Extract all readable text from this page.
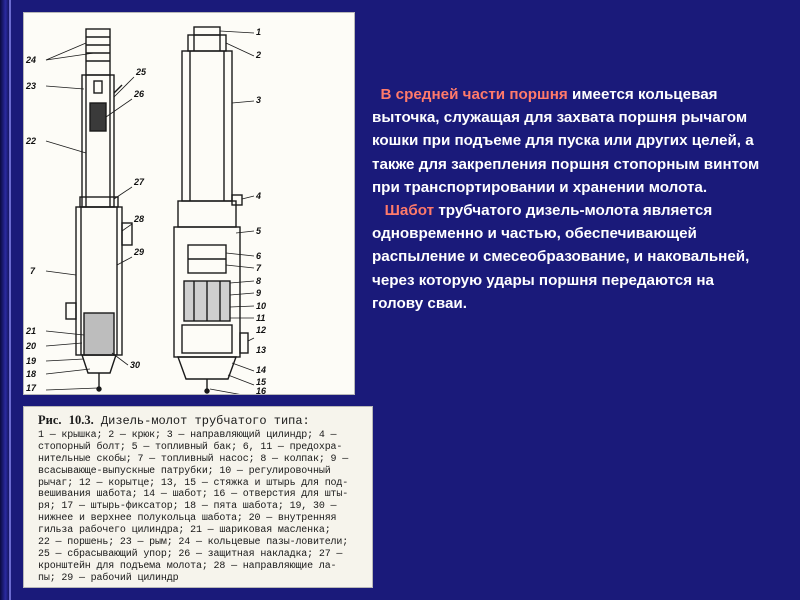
24
23
22
7
21
20
19
18
17
25
26
27
28
29
30
1
2
3
4
5
6
7
8
9
10
11
12
13
14
15
16
Рис. 10.3. Дизель-молот трубчатого типа:
1 — крышка; 2 — крюк; 3 — направляющий цилиндр; 4 —
стопорный болт; 5 — топливный бак; 6, 11 — предохра-
нительные скобы; 7 — топливный насос; 8 — колпак; 9 —
всасывающе-выпускные патрубки; 10 — регулировочный
рычаг; 12 — корытце; 13, 15 — стяжка и штырь для под-
вешивания шабота; 14 — шабот; 16 — отверстия для шты-
ря; 17 — штырь-фиксатор; 18 — пята шабота; 19, 30 —
нижнее и верхнее полукольца шабота; 20 — внутренняя
гильза рабочего цилиндра; 21 — шариковая масленка;
22 — поршень; 23 — рым; 24 — кольцевые пазы-ловители;
25 — сбрасывающий упор; 26 — защитная накладка; 27 —
кронштейн для подъема молота; 28 — направляющие ла-
пы; 29 — рабочий цилиндр

В средней части поршня имеется кольцевая выточка, служащая для захвата поршня рычагом кошки при подъеме для пуска или других целей, а также для закрепления поршня стопорным винтом при транспортировании и хранении молота.

Шабот трубчатого дизель-молота является одновременно и частью, обеспечивающей распыление и смесеобразование, и наковальней, через которую удары поршня передаются на голову сваи.
